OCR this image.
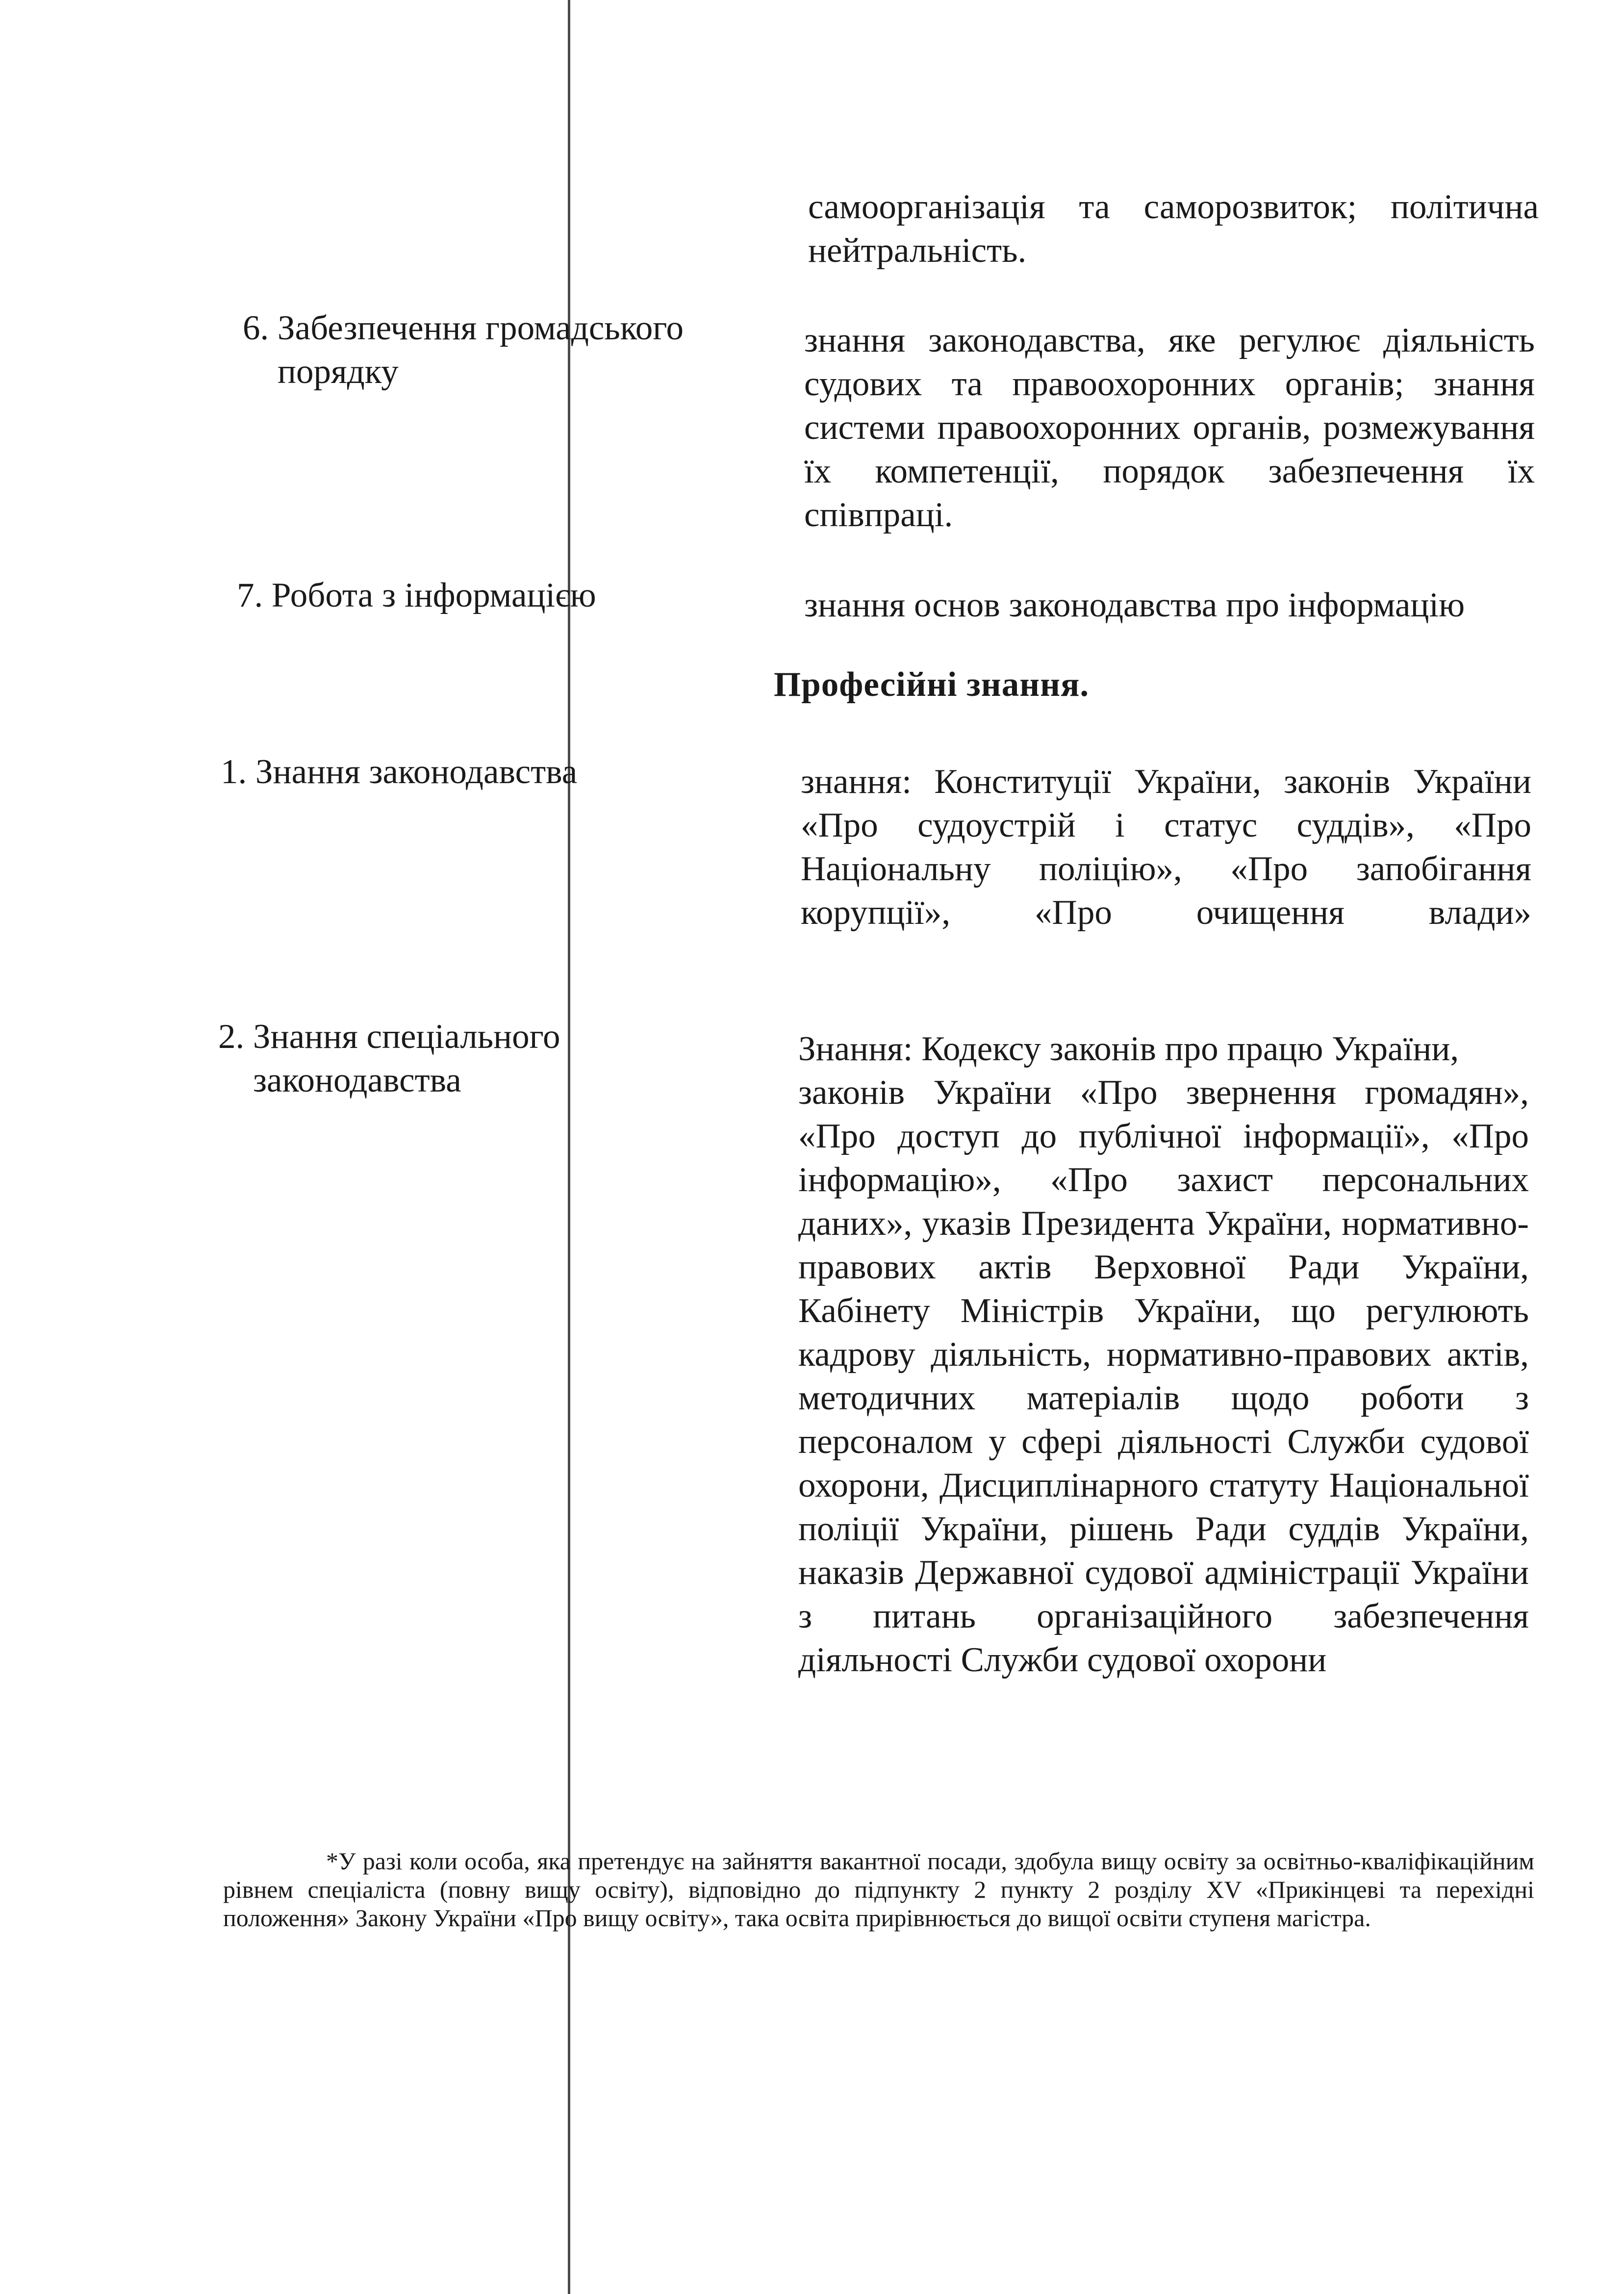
самоорганізація та саморозвиток; політична нейтральність.
6. Забезпечення громадського
порядку
знання законодавства, яке регулює діяльність судових та правоохоронних органів; знання системи правоохоронних органів, розмежування їх компетенції, порядок забезпечення їх співпраці.
7. Робота з інформацією	знання основ законодавства про інформацію
Професійні знання.
1. Знання законодавства	знання: Конституції України, законів України «Про судоустрій і статус суддів», «Про Національну поліцію», «Про запобігання корупції», «Про очищення влади»
2. Знання спеціального
законодавства
Знання: Кодексу законів про працю України,
законів України «Про звернення громадян», «Про доступ до публічної інформації», «Про інформацію», «Про захист персональних даних», указів Президента України, нормативно-правових актів Верховної Ради України, Кабінету Міністрів України, що регулюють кадрову діяльність, нормативно-правових актів, методичних матеріалів щодо роботи з персоналом у сфері діяльності Служби судової охорони, Дисциплінарного статуту Національної поліції України, рішень Ради суддів України, наказів Державної судової адміністрації України з питань організаційного забезпечення діяльності Служби судової охорони
*У разі коли особа, яка претендує на зайняття вакантної посади, здобула вищу освіту за освітньо-кваліфікаційним рівнем спеціаліста (повну вищу освіту), відповідно до підпункту 2 пункту 2 розділу XV «Прикінцеві та перехідні положення» Закону України «Про вищу освіту», така освіта прирівнюється до вищої освіти ступеня магістра.
